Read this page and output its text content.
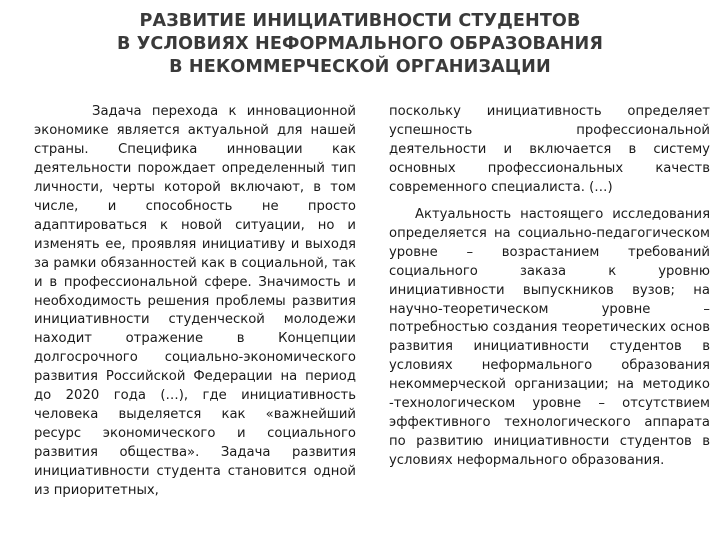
РАЗВИТИЕ ИНИЦИАТИВНОСТИ СТУДЕНТОВ
В УСЛОВИЯХ НЕФОРМАЛЬНОГО ОБРАЗОВАНИЯ
В НЕКОММЕРЧЕСКОЙ ОРГАНИЗАЦИИ

Задача перехода к инновационной экономике является актуальной для нашей страны. Специфика инновации как деятельности порождает определенный тип личности, черты которой включают, в том числе, и способность не просто адаптироваться к новой ситуации, но и изменять ее, проявляя инициативу и выходя за рамки обязанностей как в социальной, так и в профессиональной сфере. Значимость и необходимость решения проблемы развития инициативности студенческой молодежи находит отражение в Концепции долгосрочного социально-экономического развития Российской Федерации на период до 2020 года (…), где инициативность человека выделяется как «важнейший ресурс экономического и социального развития общества». Задача развития инициативности студента становится одной из приоритетных,

поскольку инициативность определяет успешность профессиональной деятельности и включается в систему основных профессиональных качеств современного специалиста. (…)

Актуальность настоящего исследования определяется на социально-педагогическом уровне – возрастанием требований социального заказа к уровню инициативности выпускников вузов; на научно-теоретическом уровне – потребностью создания теоретических основ развития инициативности студентов в условиях неформального образования некоммерческой организации; на методико -технологическом уровне – отсутствием эффективного технологического аппарата по развитию инициативности студентов в условиях неформального образования.
